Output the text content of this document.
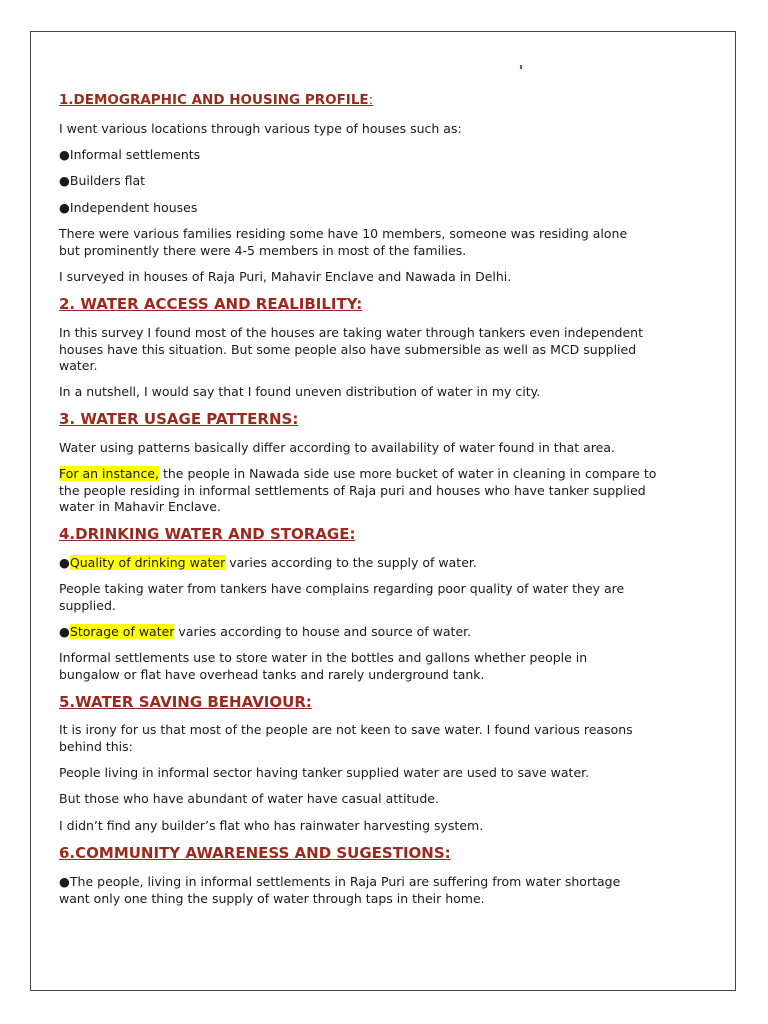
1.DEMOGRAPHIC AND HOUSING PROFILE:

I went various locations through various type of houses such as:

●Informal settlements

●Builders flat

●Independent houses

There were various families residing some have 10 members, someone was residing alone but prominently there were 4-5 members in most of the families.

I surveyed in houses of Raja Puri, Mahavir Enclave and Nawada in Delhi.

2. WATER ACCESS AND REALIBILITY:

In this survey I found most of the houses are taking water through tankers even independent houses have this situation. But some people also have submersible as well as MCD supplied water.

In a nutshell, I would say that I found uneven distribution of water in my city.

3. WATER USAGE PATTERNS:

Water using patterns basically differ according to availability of water found in that area.

For an instance, the people in Nawada side use more bucket of water in cleaning in compare to the people residing in informal settlements of Raja puri and houses who have tanker supplied water in Mahavir Enclave.

4.DRINKING WATER AND STORAGE:

●Quality of drinking water varies according to the supply of water.

People taking water from tankers have complains regarding poor quality of water they are supplied.

●Storage of water varies according to house and source of water.

Informal settlements use to store water in the bottles and gallons whether people in bungalow or flat have overhead tanks and rarely underground tank.

5.WATER SAVING BEHAVIOUR:

It is irony for us that most of the people are not keen to save water. I found various reasons behind this:

People living in informal sector having tanker supplied water are used to save water.

But those who have abundant of water have casual attitude.

I didn’t find any builder’s flat who has rainwater harvesting system.

6.COMMUNITY AWARENESS AND SUGESTIONS:

●The people, living in informal settlements in Raja Puri are suffering from water shortage want only one thing the supply of water through taps in their home.
